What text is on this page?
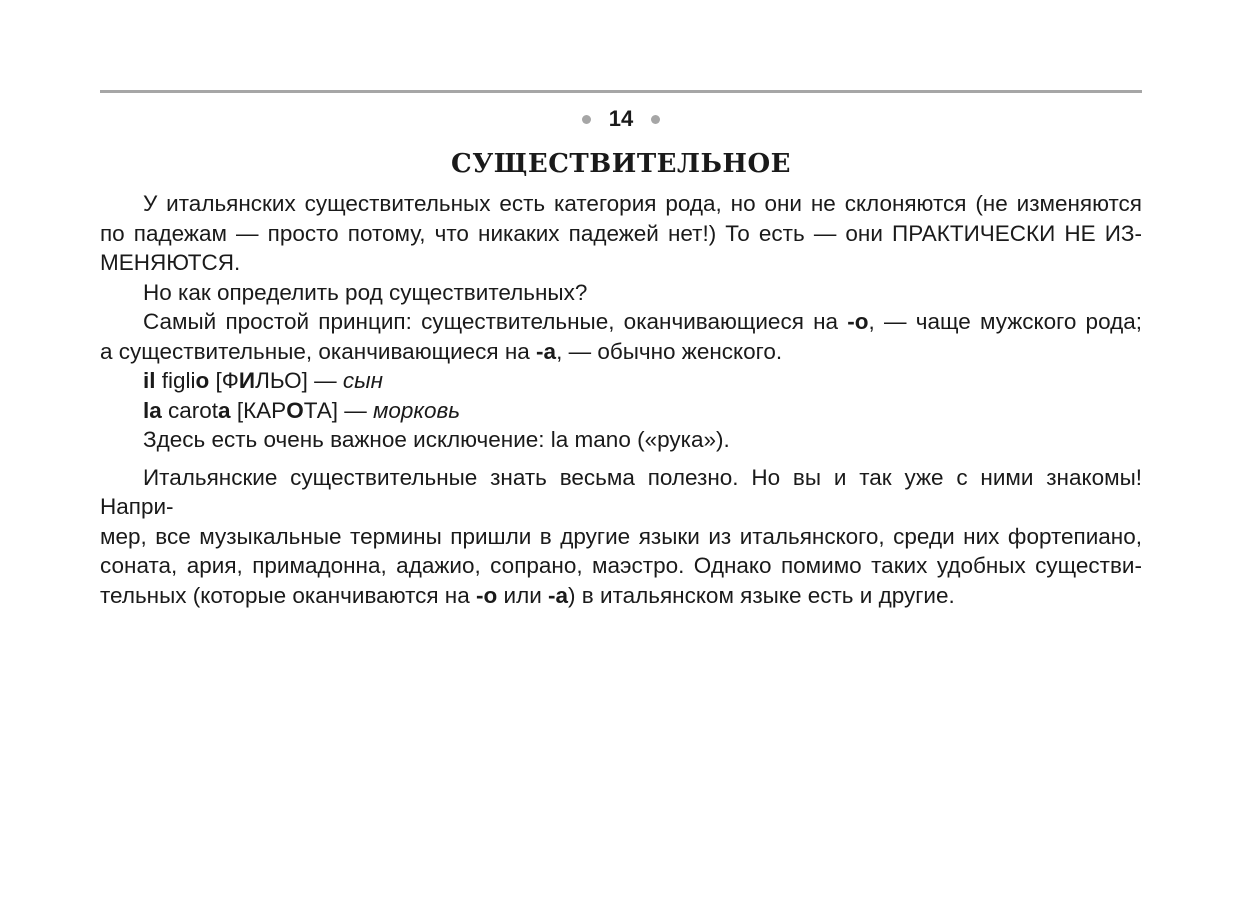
14
СУЩЕСТВИТЕЛЬНОЕ

У итальянских существительных есть категория рода, но они не склоняются (не изменяются

по падежам — просто потому, что никаких падежей нет!) То есть — они ПРАКТИЧЕСКИ НЕ ИЗ-

МЕНЯЮТСЯ.

Но как определить род существительных?

Самый простой принцип: существительные, оканчивающиеся на -о, — чаще мужского рода;

а существительные, оканчивающиеся на -а, — обычно женского.

il figlio [ФИЛЬО] — сын

la carota [КАРОТА] — морковь

Здесь есть очень важное исключение: la mano («рука»).

Итальянские существительные знать весьма полезно. Но вы и так уже с ними знакомы! Напри-

мер, все музыкальные термины пришли в другие языки из итальянского, среди них фортепиано,

соната, ария, примадонна, адажио, сопрано, маэстро. Однако помимо таких удобных существи-

тельных (которые оканчиваются на -о или -а) в итальянском языке есть и другие.
